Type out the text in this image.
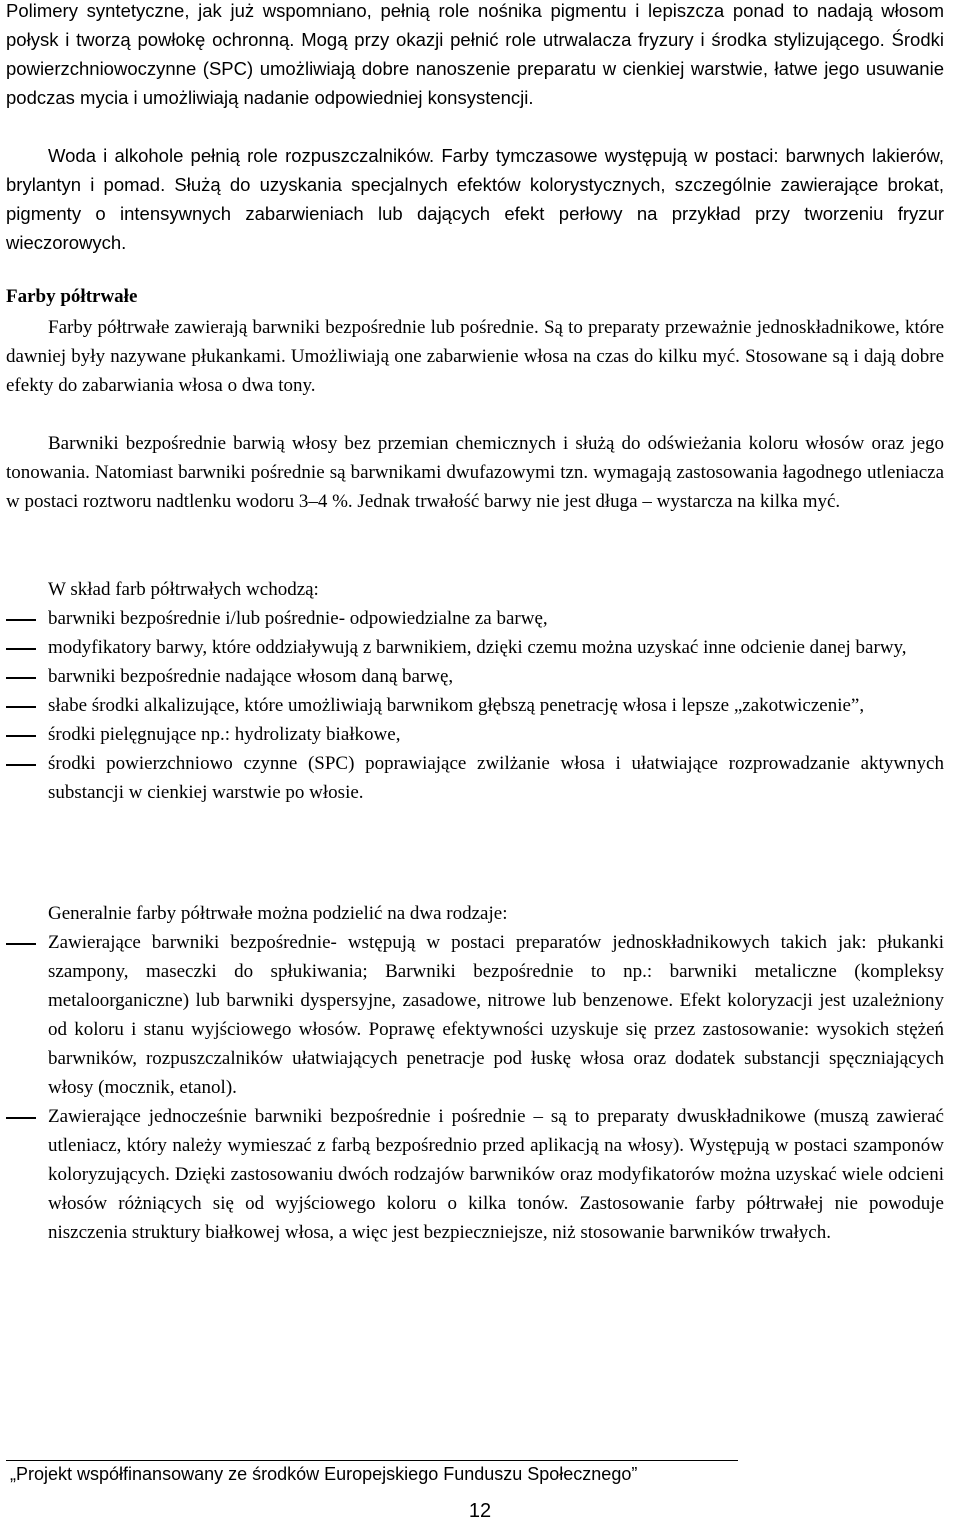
Polimery syntetyczne, jak już wspomniano, pełnią role nośnika pigmentu i lepiszcza ponad to nadają włosom połysk i tworzą powłokę ochronną. Mogą przy okazji pełnić role utrwalacza fryzury i środka stylizującego. Środki powierzchniowoczynne (SPC) umożliwiają dobre nanoszenie preparatu w cienkiej warstwie, łatwe jego usuwanie podczas mycia i umożliwiają nadanie odpowiedniej konsystencji.

Woda i alkohole pełnią role rozpuszczalników. Farby tymczasowe występują w postaci: barwnych lakierów, brylantyn i pomad. Służą do uzyskania specjalnych efektów kolorystycznych, szczególnie zawierające brokat, pigmenty o intensywnych zabarwieniach lub dających efekt perłowy na przykład przy tworzeniu fryzur wieczorowych.

Farby półtrwałe

Farby półtrwałe zawierają barwniki bezpośrednie lub pośrednie. Są to preparaty przeważnie jednoskładnikowe, które dawniej były nazywane płukankami. Umożliwiają one zabarwienie włosa na czas do kilku myć. Stosowane są i dają dobre efekty do zabarwiania włosa o dwa tony.

Barwniki bezpośrednie barwią włosy bez przemian chemicznych i służą do odświeżania koloru włosów oraz jego tonowania. Natomiast barwniki pośrednie są barwnikami dwufazowymi tzn. wymagają zastosowania łagodnego utleniacza w postaci roztworu nadtlenku wodoru 3–4 %. Jednak trwałość barwy nie jest długa – wystarcza na kilka myć.

W skład farb półtrwałych wchodzą:

barwniki bezpośrednie i/lub pośrednie- odpowiedzialne za barwę,
modyfikatory barwy, które oddziaływują z barwnikiem, dzięki czemu można uzyskać inne odcienie danej barwy,
barwniki bezpośrednie nadające włosom daną barwę,
słabe środki alkalizujące, które umożliwiają barwnikom głębszą penetrację włosa i lepsze „zakotwiczenie”,
środki pielęgnujące np.: hydrolizaty białkowe,
środki powierzchniowo czynne (SPC) poprawiające zwilżanie włosa i ułatwiające rozprowadzanie aktywnych substancji w cienkiej warstwie po włosie.

Generalnie farby półtrwałe można podzielić na dwa rodzaje:

Zawierające barwniki bezpośrednie- wstępują w postaci preparatów jednoskładnikowych takich jak: płukanki szampony, maseczki do spłukiwania; Barwniki bezpośrednie to np.: barwniki metaliczne (kompleksy metaloorganiczne) lub barwniki dyspersyjne, zasadowe, nitrowe lub benzenowe. Efekt koloryzacji jest uzależniony od koloru i stanu wyjściowego włosów. Poprawę efektywności uzyskuje się przez zastosowanie: wysokich stężeń barwników, rozpuszczalników ułatwiających penetracje pod łuskę włosa oraz dodatek substancji spęczniających włosy (mocznik, etanol).
Zawierające jednocześnie barwniki bezpośrednie i pośrednie – są to preparaty dwuskładnikowe (muszą zawierać utleniacz, który należy wymieszać z farbą bezpośrednio przed aplikacją na włosy). Występują w postaci szamponów koloryzujących. Dzięki zastosowaniu dwóch rodzajów barwników oraz modyfikatorów można uzyskać wiele odcieni włosów różniących się od wyjściowego koloru o kilka tonów. Zastosowanie farby półtrwałej nie powoduje niszczenia struktury białkowej włosa, a więc jest bezpieczniejsze, niż stosowanie barwników trwałych.
„Projekt współfinansowany ze środków Europejskiego Funduszu Społecznego”
12
